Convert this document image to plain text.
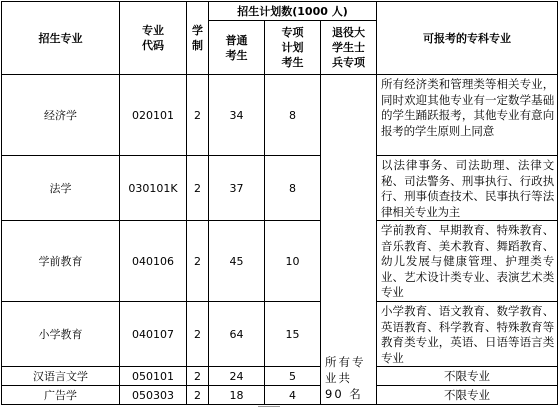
招生专业	专业代码	学制	招生计划数(1000 人)			可报考的专科专业
			普通考生	专项计划考生	退役大学生士兵专项	
经济学	020101	2	34	8	所有专业共 90 名	所有经济类和管理类等相关专业，同时欢迎其他专业有一定数学基础的学生踊跃报考，其他专业有意向报考的学生原则上同意
法学	030101K	2	37	8		以法律事务、司法助理、法律文秘、司法警务、刑事执行、行政执行、刑事侦查技术、民事执行等法律相关专业为主
学前教育	040106	2	45	10		学前教育、早期教育、特殊教育、音乐教育、美术教育、舞蹈教育、幼儿发展与健康管理、护理类专业、艺术设计类专业、表演艺术类专业
小学教育	040107	2	64	15		小学教育、语文教育、数学教育、英语教育、科学教育、特殊教育等教育类专业，英语、日语等语言类专业
汉语言文学	050101	2	24	5		不限专业
广告学	050303	2	18	4		不限专业
